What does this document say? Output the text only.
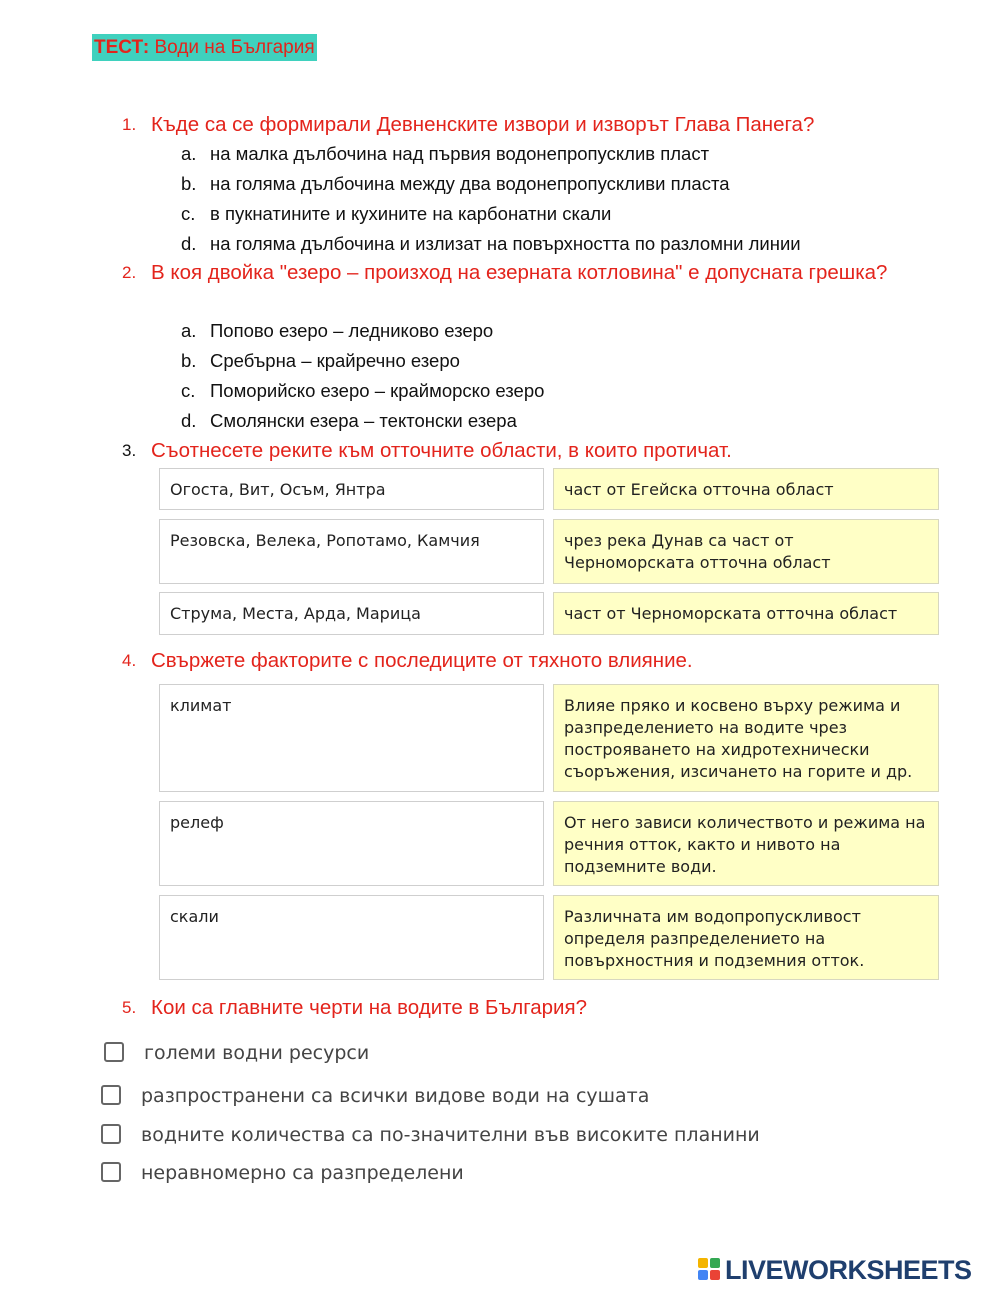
ТЕСТ: Води на България
1. Къде са се формирали Девненските извори и изворът Глава Панега?
a. на малка дълбочина над първия водонепропусклив пласт
b. на голяма дълбочина между два водонепропускливи пласта
c. в пукнатините и кухините на карбонатни скали
d. на голяма дълбочина и излизат на повърхността по разломни линии
2. В коя двойка "езеро – произход на езерната котловина" е допусната грешка?
a. Попово езеро – ледниково езеро
b. Сребърна – крайречно езеро
c. Поморийско езеро – крайморско езеро
d. Смолянски езера – тектонски езера
3. Съотнесете реките към отточните области, в които протичат.
Огоста, Вит, Осъм, Янтра	част от Егейска отточна област
Резовска, Велека, Ропотамо, Камчия	чрез река Дунав са част от Черноморската отточна област
Струма, Места, Арда, Марица	част от Черноморската отточна област
4. Свържете факторите с последиците от тяхното влияние.
климат	Влияе пряко и косвено върху режима и разпределението на водите чрез построяването на хидротехнически съоръжения, изсичането на горите и др.
релеф	От него зависи количеството и режима на речния отток, както и нивото на подземните води.
скали	Различната им водопропускливост определя разпределението на повърхностния и подземния отток.
5. Кои са главните черти на водите в България?
големи водни ресурси
разпространени са всички видове води на сушата
водните количества са по-значителни във високите планини
неравномерно са разпределени
LIVEWORKSHEETS
